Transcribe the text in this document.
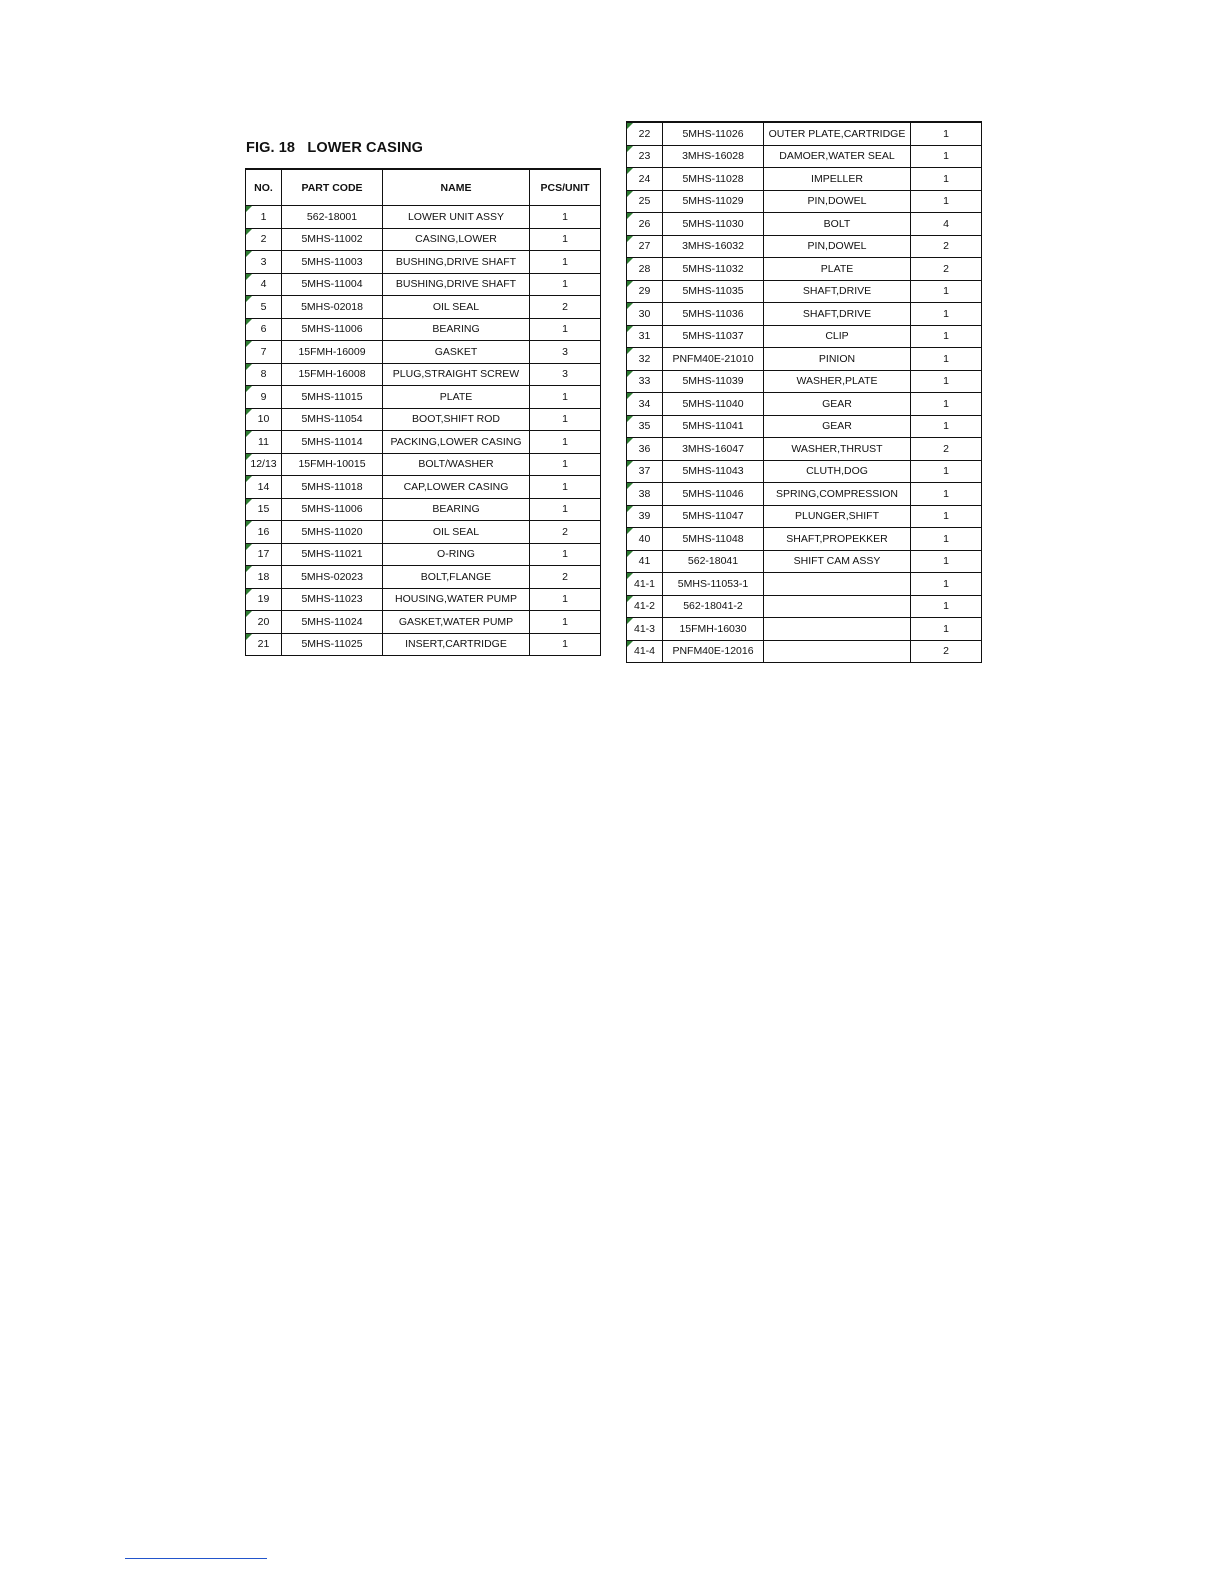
FIG. 18   LOWER CASING
NO.	PART CODE	NAME	PCS/UNIT
1	562-18001	LOWER UNIT ASSY	1
2	5MHS-11002	CASING,LOWER	1
3	5MHS-11003	BUSHING,DRIVE SHAFT	1
4	5MHS-11004	BUSHING,DRIVE SHAFT	1
5	5MHS-02018	OIL SEAL	2
6	5MHS-11006	BEARING	1
7	15FMH-16009	GASKET	3
8	15FMH-16008	PLUG,STRAIGHT SCREW	3
9	5MHS-11015	PLATE	1
10	5MHS-11054	BOOT,SHIFT ROD	1
11	5MHS-11014	PACKING,LOWER CASING	1
12/13	15FMH-10015	BOLT/WASHER	1
14	5MHS-11018	CAP,LOWER CASING	1
15	5MHS-11006	BEARING	1
16	5MHS-11020	OIL SEAL	2
17	5MHS-11021	O-RING	1
18	5MHS-02023	BOLT,FLANGE	2
19	5MHS-11023	HOUSING,WATER PUMP	1
20	5MHS-11024	GASKET,WATER PUMP	1
21	5MHS-11025	INSERT,CARTRIDGE	1
22	5MHS-11026	OUTER PLATE,CARTRIDGE	1
23	3MHS-16028	DAMOER,WATER SEAL	1
24	5MHS-11028	IMPELLER	1
25	5MHS-11029	PIN,DOWEL	1
26	5MHS-11030	BOLT	4
27	3MHS-16032	PIN,DOWEL	2
28	5MHS-11032	PLATE	2
29	5MHS-11035	SHAFT,DRIVE	1
30	5MHS-11036	SHAFT,DRIVE	1
31	5MHS-11037	CLIP	1
32	PNFM40E-21010	PINION	1
33	5MHS-11039	WASHER,PLATE	1
34	5MHS-11040	GEAR	1
35	5MHS-11041	GEAR	1
36	3MHS-16047	WASHER,THRUST	2
37	5MHS-11043	CLUTH,DOG	1
38	5MHS-11046	SPRING,COMPRESSION	1
39	5MHS-11047	PLUNGER,SHIFT	1
40	5MHS-11048	SHAFT,PROPEKKER	1
41	562-18041	SHIFT CAM ASSY	1
41-1	5MHS-11053-1		1
41-2	562-18041-2		1
41-3	15FMH-16030		1
41-4	PNFM40E-12016		2
